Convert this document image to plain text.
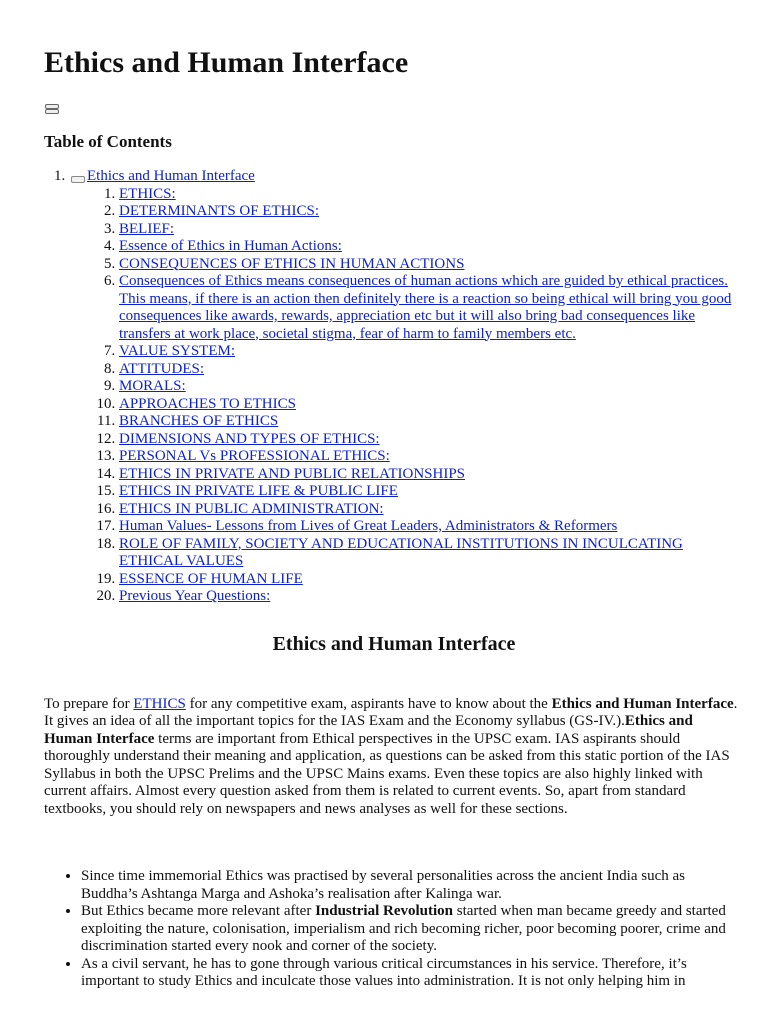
Ethics and Human Interface
Table of Contents
1. Ethics and Human Interface
1. ETHICS:
2. DETERMINANTS OF ETHICS:
3. BELIEF:
4. Essence of Ethics in Human Actions:
5. CONSEQUENCES OF ETHICS IN HUMAN ACTIONS
6. Consequences of Ethics means consequences of human actions which are guided by ethical practices. This means, if there is an action then definitely there is a reaction so being ethical will bring you good consequences like awards, rewards, appreciation etc but it will also bring bad consequences like transfers at work place, societal stigma, fear of harm to family members etc.
7. VALUE SYSTEM:
8. ATTITUDES:
9. MORALS:
10. APPROACHES TO ETHICS
11. BRANCHES OF ETHICS
12. DIMENSIONS AND TYPES OF ETHICS:
13. PERSONAL Vs PROFESSIONAL ETHICS:
14. ETHICS IN PRIVATE AND PUBLIC RELATIONSHIPS
15. ETHICS IN PRIVATE LIFE & PUBLIC LIFE
16. ETHICS IN PUBLIC ADMINISTRATION:
17. Human Values- Lessons from Lives of Great Leaders, Administrators & Reformers
18. ROLE OF FAMILY, SOCIETY AND EDUCATIONAL INSTITUTIONS IN INCULCATING ETHICAL VALUES
19. ESSENCE OF HUMAN LIFE
20. Previous Year Questions:
Ethics and Human Interface

To prepare for ETHICS for any competitive exam, aspirants have to know about the Ethics and Human Interface. It gives an idea of all the important topics for the IAS Exam and the Economy syllabus (GS-IV.).Ethics and Human Interface terms are important from Ethical perspectives in the UPSC exam. IAS aspirants should thoroughly understand their meaning and application, as questions can be asked from this static portion of the IAS Syllabus in both the UPSC Prelims and the UPSC Mains exams. Even these topics are also highly linked with current affairs. Almost every question asked from them is related to current events. So, apart from standard textbooks, you should rely on newspapers and news analyses as well for these sections.

• Since time immemorial Ethics was practised by several personalities across the ancient India such as Buddha’s Ashtanga Marga and Ashoka’s realisation after Kalinga war.
• But Ethics became more relevant after Industrial Revolution started when man became greedy and started exploiting the nature, colonisation, imperialism and rich becoming richer, poor becoming poorer, crime and discrimination started every nook and corner of the society.
• As a civil servant, he has to gone through various critical circumstances in his service. Therefore, it’s important to study Ethics and inculcate those values into administration. It is not only helping him in
